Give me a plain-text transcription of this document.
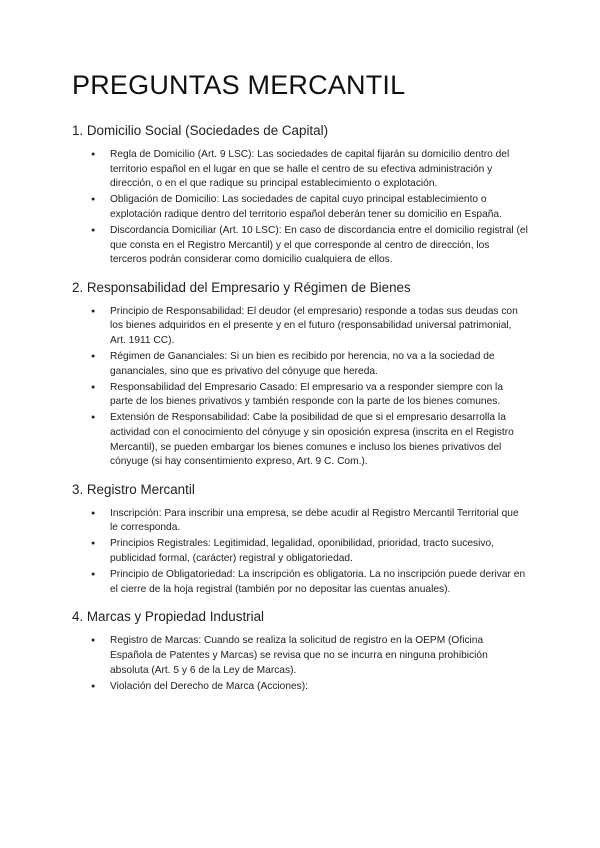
PREGUNTAS MERCANTIL
1. Domicilio Social (Sociedades de Capital)
● Regla de Domicilio (Art. 9 LSC): Las sociedades de capital fijarán su domicilio dentro del territorio español en el lugar en que se halle el centro de su efectiva administración y dirección, o en el que radique su principal establecimiento o explotación.
● Obligación de Domicilio: Las sociedades de capital cuyo principal establecimiento o explotación radique dentro del territorio español deberán tener su domicilio en España.
● Discordancia Domiciliar (Art. 10 LSC): En caso de discordancia entre el domicilio registral (el que consta en el Registro Mercantil) y el que corresponde al centro de dirección, los terceros podrán considerar como domicilio cualquiera de ellos.
2. Responsabilidad del Empresario y Régimen de Bienes
● Principio de Responsabilidad: El deudor (el empresario) responde a todas sus deudas con los bienes adquiridos en el presente y en el futuro (responsabilidad universal patrimonial, Art. 1911 CC).
● Régimen de Gananciales: Si un bien es recibido por herencia, no va a la sociedad de gananciales, sino que es privativo del cónyuge que hereda.
● Responsabilidad del Empresario Casado: El empresario va a responder siempre con la parte de los bienes privativos y también responde con la parte de los bienes comunes.
● Extensión de Responsabilidad: Cabe la posibilidad de que si el empresario desarrolla la actividad con el conocimiento del cónyuge y sin oposición expresa (inscrita en el Registro Mercantil), se pueden embargar los bienes comunes e incluso los bienes privativos del cónyuge (si hay consentimiento expreso, Art. 9 C. Com.).
3. Registro Mercantil
● Inscripción: Para inscribir una empresa, se debe acudir al Registro Mercantil Territorial que le corresponda.
● Principios Registrales: Legitimidad, legalidad, oponibilidad, prioridad, tracto sucesivo, publicidad formal, (carácter) registral y obligatoriedad.
● Principio de Obligatoriedad: La inscripción es obligatoria. La no inscripción puede derivar en el cierre de la hoja registral (también por no depositar las cuentas anuales).
4. Marcas y Propiedad Industrial
● Registro de Marcas: Cuando se realiza la solicitud de registro en la OEPM (Oficina Española de Patentes y Marcas) se revisa que no se incurra en ninguna prohibición absoluta (Art. 5 y 6 de la Ley de Marcas).
● Violación del Derecho de Marca (Acciones):
